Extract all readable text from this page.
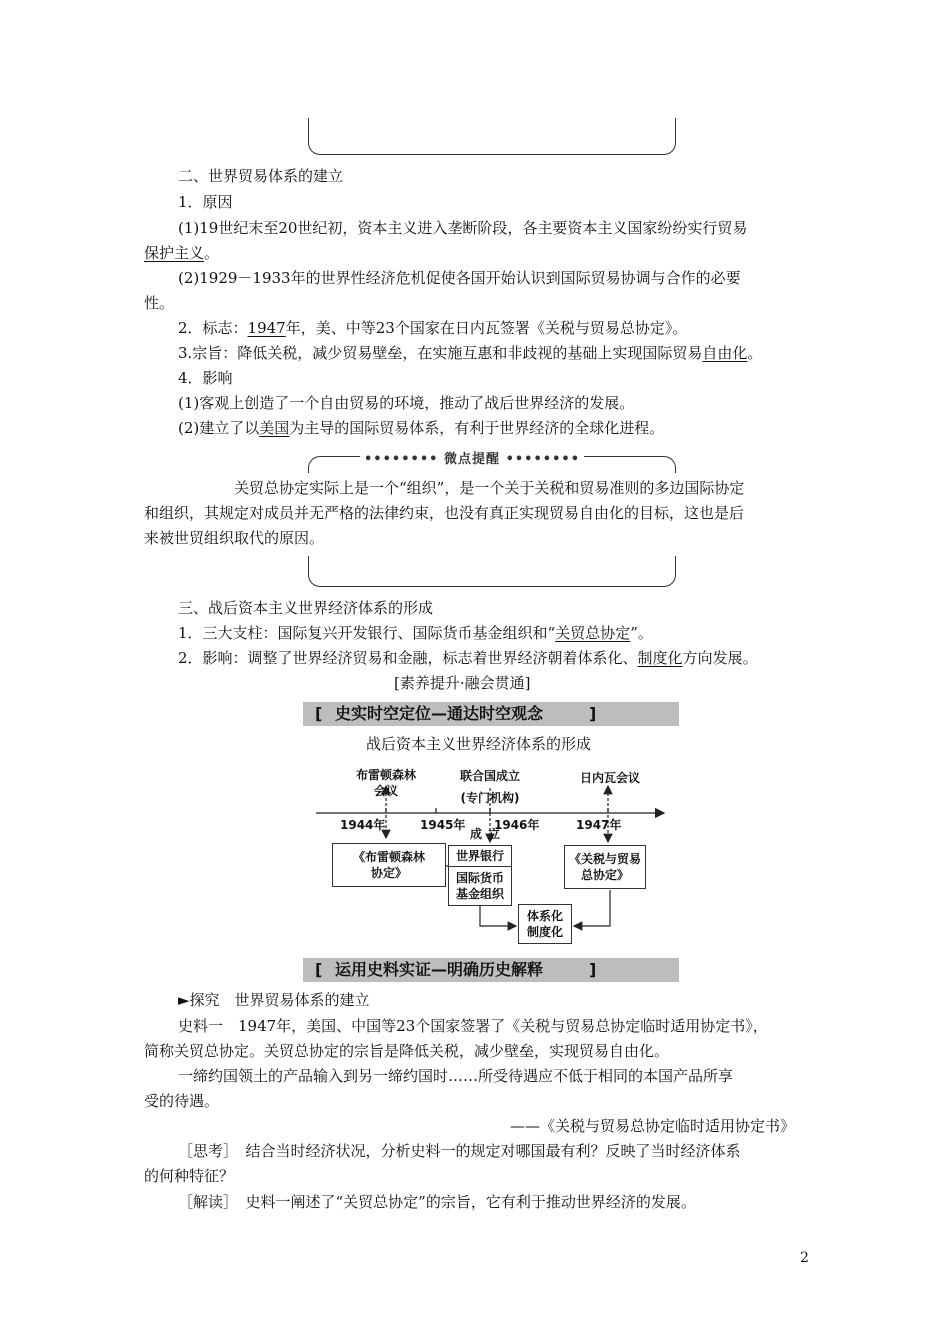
二、世界贸易体系的建立
1．原因
(1)19世纪末至20世纪初，资本主义进入垄断阶段，各主要资本主义国家纷纷实行贸易
保护主义。
(2)1929－1933年的世界性经济危机促使各国开始认识到国际贸易协调与合作的必要
性。
2．标志：1947年，美、中等23个国家在日内瓦签署《关税与贸易总协定》。
3.宗旨：降低关税，减少贸易壁垒，在实施互惠和非歧视的基础上实现国际贸易自由化。
4．影响
(1)客观上创造了一个自由贸易的环境，推动了战后世界经济的发展。
(2)建立了以美国为主导的国际贸易体系，有利于世界经济的全球化进程。
•••••••• 微点提醒 ••••••••
关贸总协定实际上是一个“组织”，是一个关于关税和贸易准则的多边国际协定
和组织，其规定对成员并无严格的法律约束，也没有真正实现贸易自由化的目标，这也是后
来被世贸组织取代的原因。
三、战后资本主义世界经济体系的形成
1．三大支柱：国际复兴开发银行、国际货币基金组织和“关贸总协定”。
2．影响：调整了世界经济贸易和金融，标志着世界经济朝着体系化、制度化方向发展。
[素养提升·融会贯通]
[ 史实时空定位—通达时空观念	]
战后资本主义世界经济体系的形成
布雷顿森林
会议
联合国成立
(专门机构)
日内瓦会议
1944年	1945年 1946年	1947年
成立
《布雷顿森林
协定》
世界银行
国际货币
基金组织
《关税与贸易
总协定》
体系化
制度化
[ 运用史料实证—明确历史解释	]
►探究　世界贸易体系的建立
史料一　1947年，美国、中国等23个国家签署了《关税与贸易总协定临时适用协定书》，
简称关贸总协定。关贸总协定的宗旨是降低关税，减少壁垒，实现贸易自由化。
一缔约国领土的产品输入到另一缔约国时……所受待遇应不低于相同的本国产品所享
受的待遇。
——《关税与贸易总协定临时适用协定书》
［思考］　结合当时经济状况，分析史料一的规定对哪国最有利？反映了当时经济体系
的何种特征？
［解读］　史料一阐述了“关贸总协定”的宗旨，它有利于推动世界经济的发展。
2
